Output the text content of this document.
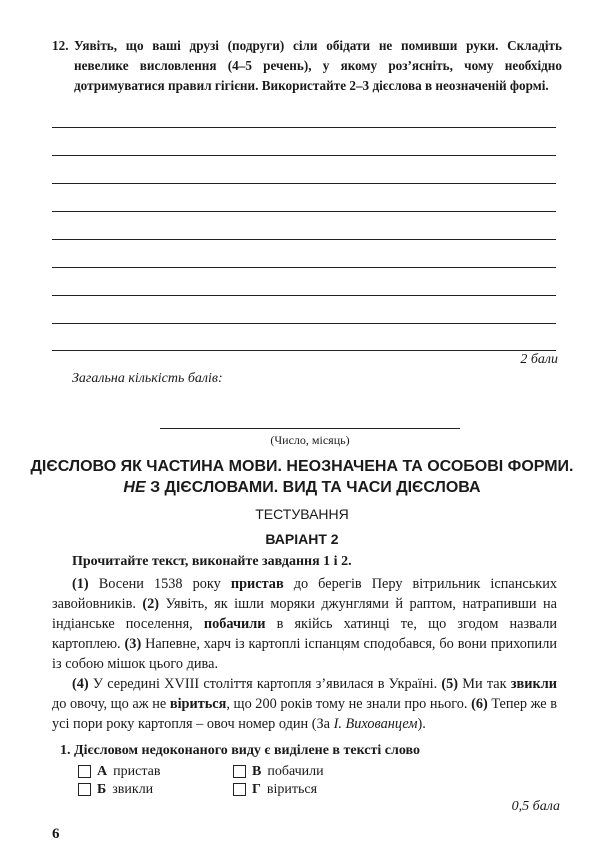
12. Уявіть, що ваші друзі (подруги) сіли обідати не помивши руки. Складіть невелике висловлення (4–5 речень), у якому роз’ясніть, чому необхідно дотримуватися правил гігієни. Використайте 2–3 дієслова в неозначеній формі.
2 бали
Загальна кількість балів:
(Число, місяць)
ДІЄСЛОВО ЯК ЧАСТИНА МОВИ. НЕОЗНАЧЕНА ТА ОСОБОВІ ФОРМИ. НЕ З ДІЄСЛОВАМИ. ВИД ТА ЧАСИ ДІЄСЛОВА
ТЕСТУВАННЯ
ВАРІАНТ 2
Прочитайте текст, виконайте завдання 1 і 2.

(1) Восени 1538 року пристав до берегів Перу вітрильник іспанських завойовників. (2) Уявіть, як ішли моряки джунглями й раптом, натрапивши на індіанське поселення, побачили в якійсь хатинці те, що згодом назвали картоплею. (3) Напевне, харч із картоплі іспанцям сподобався, бо вони прихопили із собою мішок цього дива.

(4) У середині XVIII століття картопля з’явилася в Україні. (5) Ми так звикли до овочу, що аж не віриться, що 200 років тому не знали про нього. (6) Тепер же в усі пори року картопля – овоч номер один (За І. Вихованцем).

1. Дієсловом недоконаного виду є виділене в тексті слово
А пристав	В побачили
Б звикли	Г віриться
0,5 бала
6
